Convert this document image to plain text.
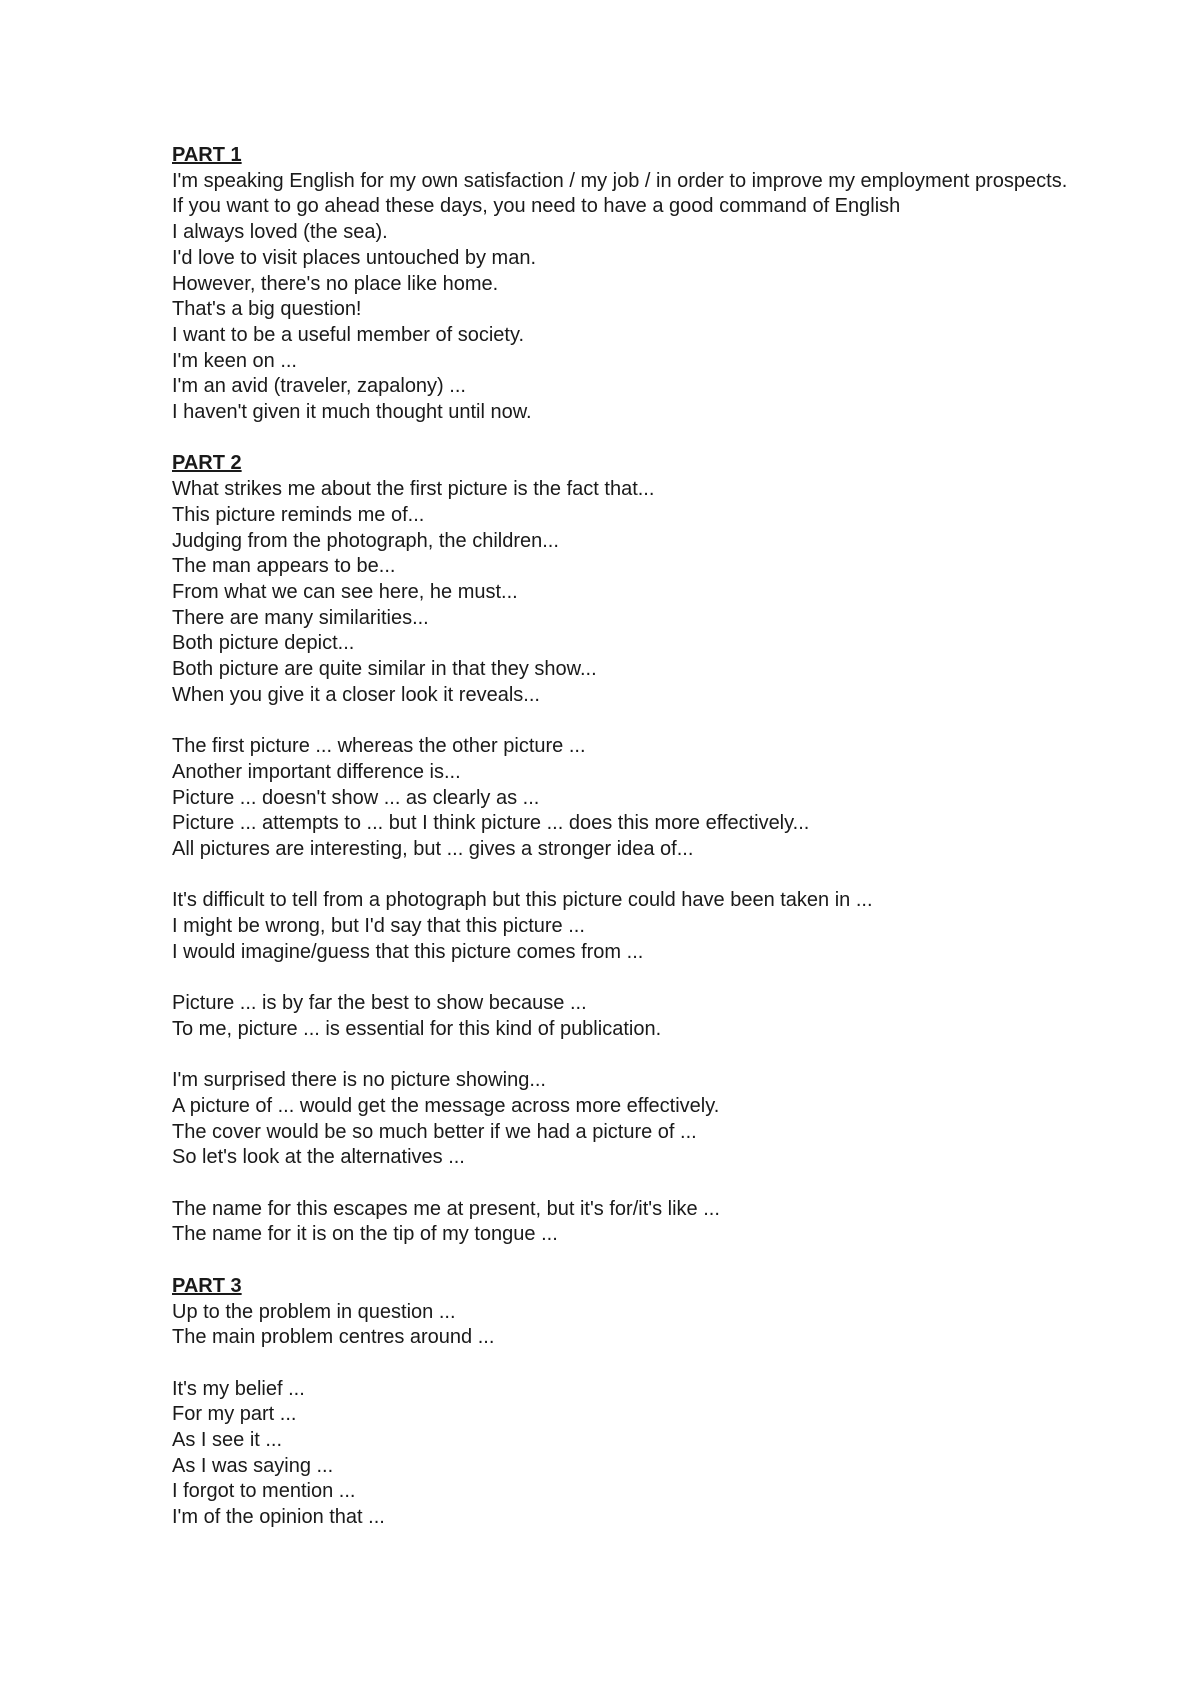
PART 1

I'm speaking English for my own satisfaction / my job / in order to improve my employment prospects.

If you want to go ahead these days, you need to have a good command of English

I always loved (the sea).

I'd love to visit places untouched by man.

However, there's no place like home.

That's a big question!

I want to be a useful member of society.

I'm keen on ...

I'm an avid (traveler, zapalony) ...

I haven't given it much thought until now.

PART 2

What strikes me about the first picture is the fact that...

This picture reminds me of...

Judging from the photograph, the children...

The man appears to be...

From what we can see here, he must...

There are many similarities...

Both picture depict...

Both picture are quite similar in that they show...

When you give it a closer look it reveals...

The first picture ... whereas the other picture ...

Another important difference is...

Picture ... doesn't show ... as clearly as ...

Picture ... attempts to ... but I think picture ... does this more effectively...

All pictures are interesting, but ... gives a stronger idea of...

It's difficult to tell from a photograph but this picture could have been taken in ...

I might be wrong, but I'd say that this picture ...

I would imagine/guess that this picture comes from ...

Picture ... is by far the best to show because ...

To me, picture ... is essential for this kind of publication.

I'm surprised there is no picture showing...

A picture of ... would get the message across more effectively.

The cover would be so much better if we had a picture of ...

So let's look at the alternatives ...

The name for this escapes me at present, but it's for/it's like ...

The name for it is on the tip of my tongue ...

PART 3

Up to the problem in question ...

The main problem centres around ...

It's my belief ...

For my part ...

As I see it ...

As I was saying ...

I forgot to mention ...

I'm of the opinion that ...
